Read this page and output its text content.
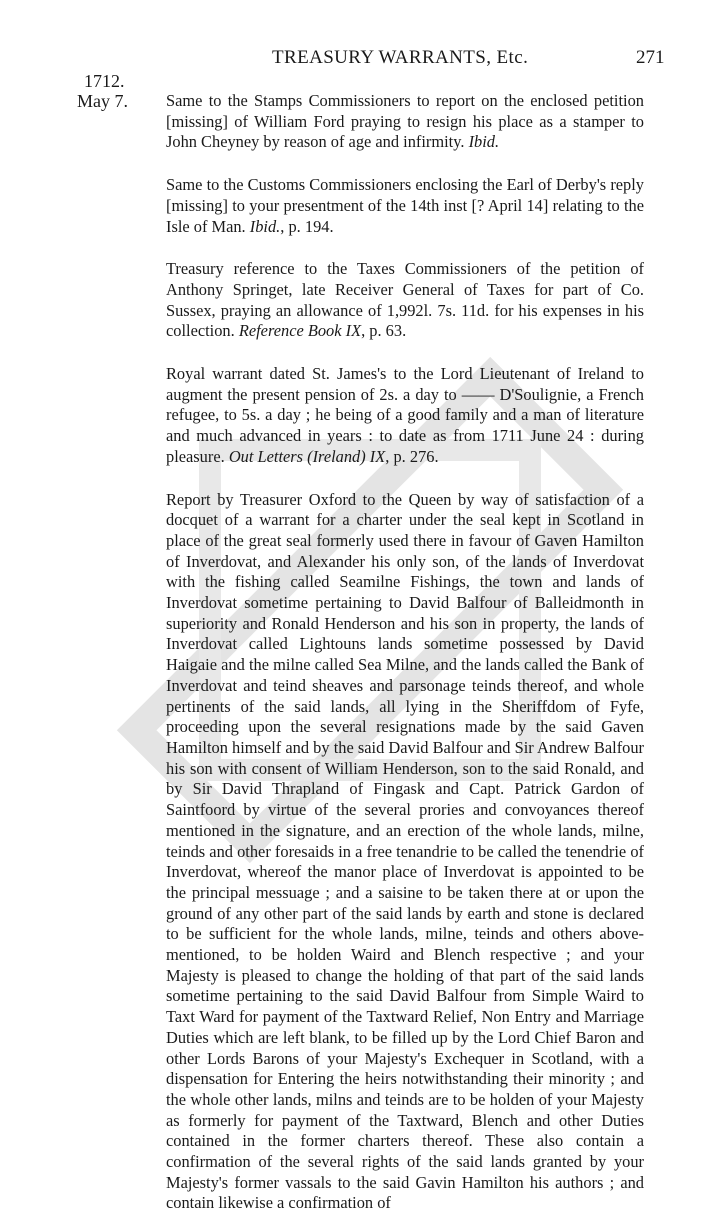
TREASURY WARRANTS, Etc.	271
1712.
May 7. Same to the Stamps Commissioners to report on the enclosed petition [missing] of William Ford praying to resign his place as a stamper to John Cheyney by reason of age and infirmity. Ibid.

Same to the Customs Commissioners enclosing the Earl of Derby's reply [missing] to your presentment of the 14th inst [? April 14] relating to the Isle of Man. Ibid., p. 194.

Treasury reference to the Taxes Commissioners of the petition of Anthony Springet, late Receiver General of Taxes for part of Co. Sussex, praying an allowance of 1,992l. 7s. 11d. for his expenses in his collection. Reference Book IX, p. 63.

Royal warrant dated St. James's to the Lord Lieutenant of Ireland to augment the present pension of 2s. a day to —— D'Soulignie, a French refugee, to 5s. a day ; he being of a good family and a man of literature and much advanced in years : to date as from 1711 June 24 : during pleasure. Out Letters (Ireland) IX, p. 276.

Report by Treasurer Oxford to the Queen by way of satisfaction of a docquet of a warrant for a charter under the seal kept in Scotland in place of the great seal formerly used there in favour of Gaven Hamilton of Inverdovat, and Alexander his only son, of the lands of Inverdovat with the fishing called Seamilne Fishings, the town and lands of Inverdovat sometime pertaining to David Balfour of Balleidmonth in superiority and Ronald Henderson and his son in property, the lands of Inverdovat called Lightouns lands sometime possessed by David Haigaie and the milne called Sea Milne, and the lands called the Bank of Inverdovat and teind sheaves and parsonage teinds thereof, and whole pertinents of the said lands, all lying in the Sheriffdom of Fyfe, proceeding upon the several resignations made by the said Gaven Hamilton himself and by the said David Balfour and Sir Andrew Balfour his son with consent of William Henderson, son to the said Ronald, and by Sir David Thrapland of Fingask and Capt. Patrick Gardon of Saintfoord by virtue of the several prories and convoyances thereof mentioned in the signature, and an erection of the whole lands, milne, teinds and other foresaids in a free tenandrie to be called the tenendrie of Inverdovat, whereof the manor place of Inverdovat is appointed to be the principal messuage ; and a saisine to be taken there at or upon the ground of any other part of the said lands by earth and stone is declared to be sufficient for the whole lands, milne, teinds and others above-mentioned, to be holden Waird and Blench respective ; and your Majesty is pleased to change the holding of that part of the said lands sometime pertaining to the said David Balfour from Simple Waird to Taxt Ward for payment of the Taxtward Relief, Non Entry and Marriage Duties which are left blank, to be filled up by the Lord Chief Baron and other Lords Barons of your Majesty's Exchequer in Scotland, with a dispensation for Entering the heirs notwithstanding their minority ; and the whole other lands, milns and teinds are to be holden of your Majesty as formerly for payment of the Taxtward, Blench and other Duties contained in the former charters thereof. These also contain a confirmation of the several rights of the said lands granted by your Majesty's former vassals to the said Gavin Hamilton his authors ; and contain likewise a confirmation of
